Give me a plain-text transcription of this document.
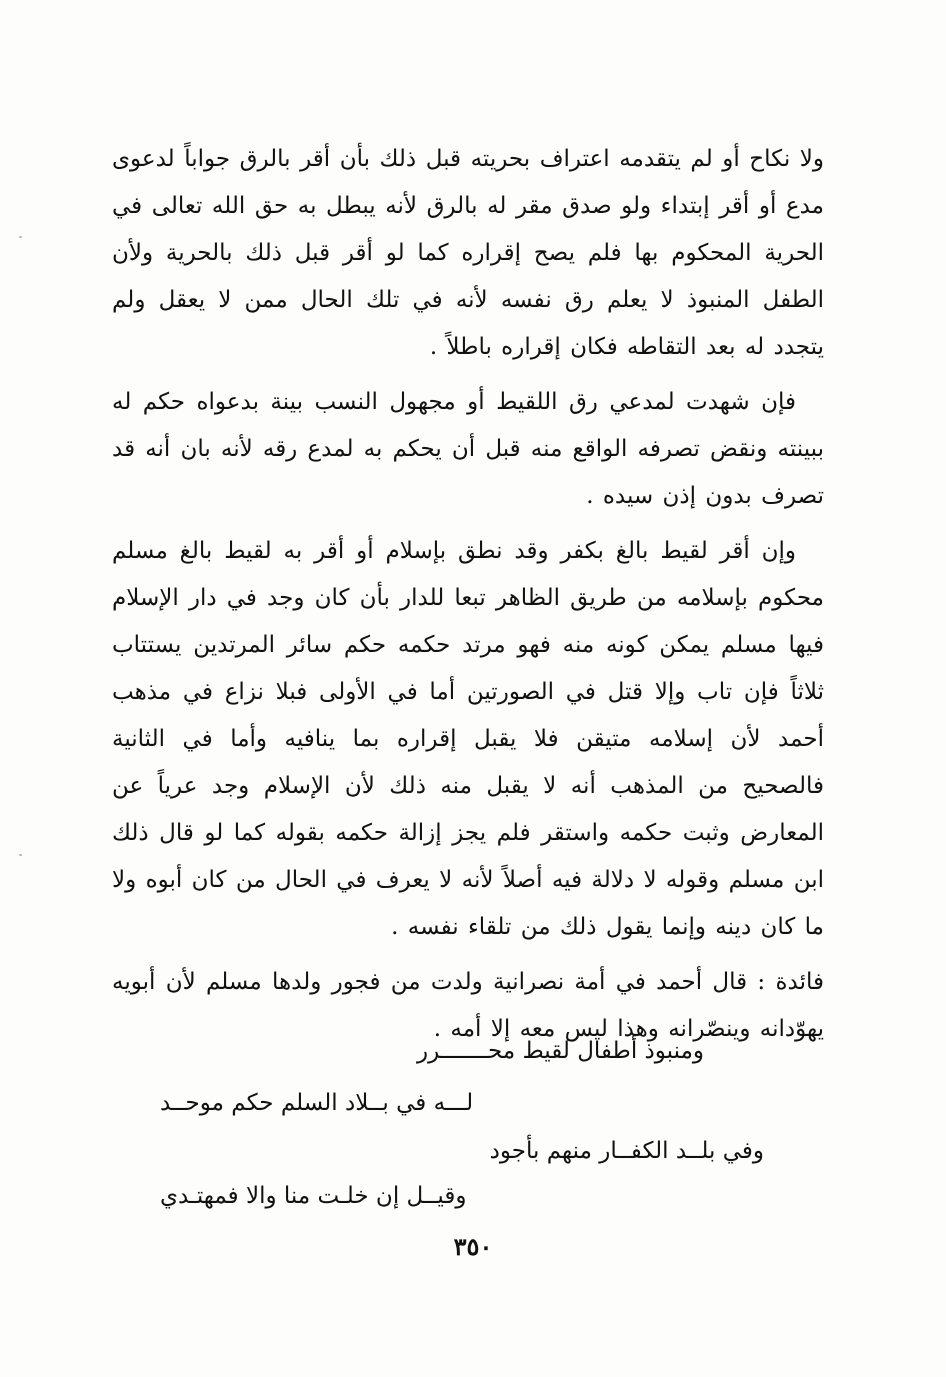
ولا نكاح أو لم يتقدمه اعتراف بحريته قبل ذلك بأن أقر بالرق جواباً لدعوى مدع أو أقر إبتداء ولو صدق مقر له بالرق لأنه يبطل به حق الله تعالى في الحرية المحكوم بها فلم يصح إقراره كما لو أقر قبل ذلك بالحرية ولأن الطفل المنبوذ لا يعلم رق نفسه لأنه في تلك الحال ممن لا يعقل ولم يتجدد له بعد التقاطه فكان إقراره باطلاً .

فإن شهدت لمدعي رق اللقيط أو مجهول النسب بينة بدعواه حكم له ببينته ونقض تصرفه الواقع منه قبل أن يحكم به لمدع رقه لأنه بان أنه قد تصرف بدون إذن سيده .

وإن أقر لقيط بالغ بكفر وقد نطق بإسلام أو أقر به لقيط بالغ مسلم محكوم بإسلامه من طريق الظاهر تبعا للدار بأن كان وجد في دار الإسلام فيها مسلم يمكن كونه منه فهو مرتد حكمه حكم سائر المرتدين يستتاب ثلاثاً فإن تاب وإلا قتل في الصورتين أما في الأولى فبلا نزاع في مذهب أحمد لأن إسلامه متيقن فلا يقبل إقراره بما ينافيه وأما في الثانية فالصحيح من المذهب أنه لا يقبل منه ذلك لأن الإسلام وجد عرياً عن المعارض وثبت حكمه واستقر فلم يجز إزالة حكمه بقوله كما لو قال ذلك ابن مسلم وقوله لا دلالة فيه أصلاً لأنه لا يعرف في الحال من كان أبوه ولا ما كان دينه وإنما يقول ذلك من تلقاء نفسه .

فائدة : قال أحمد في أمة نصرانية ولدت من فجور ولدها مسلم لأن أبويه يهوّدانه وينصّرانه وهذا ليس معه إلا أمه .

ومنبوذ أطفال لقيط محـــــــرر
لـــه في بــلاد السلم حكم موحــد
وفي بلــد الكفــار منهم بأجود
وقيــل إن خلـت منا والا فمهتـدي
٣٥٠
